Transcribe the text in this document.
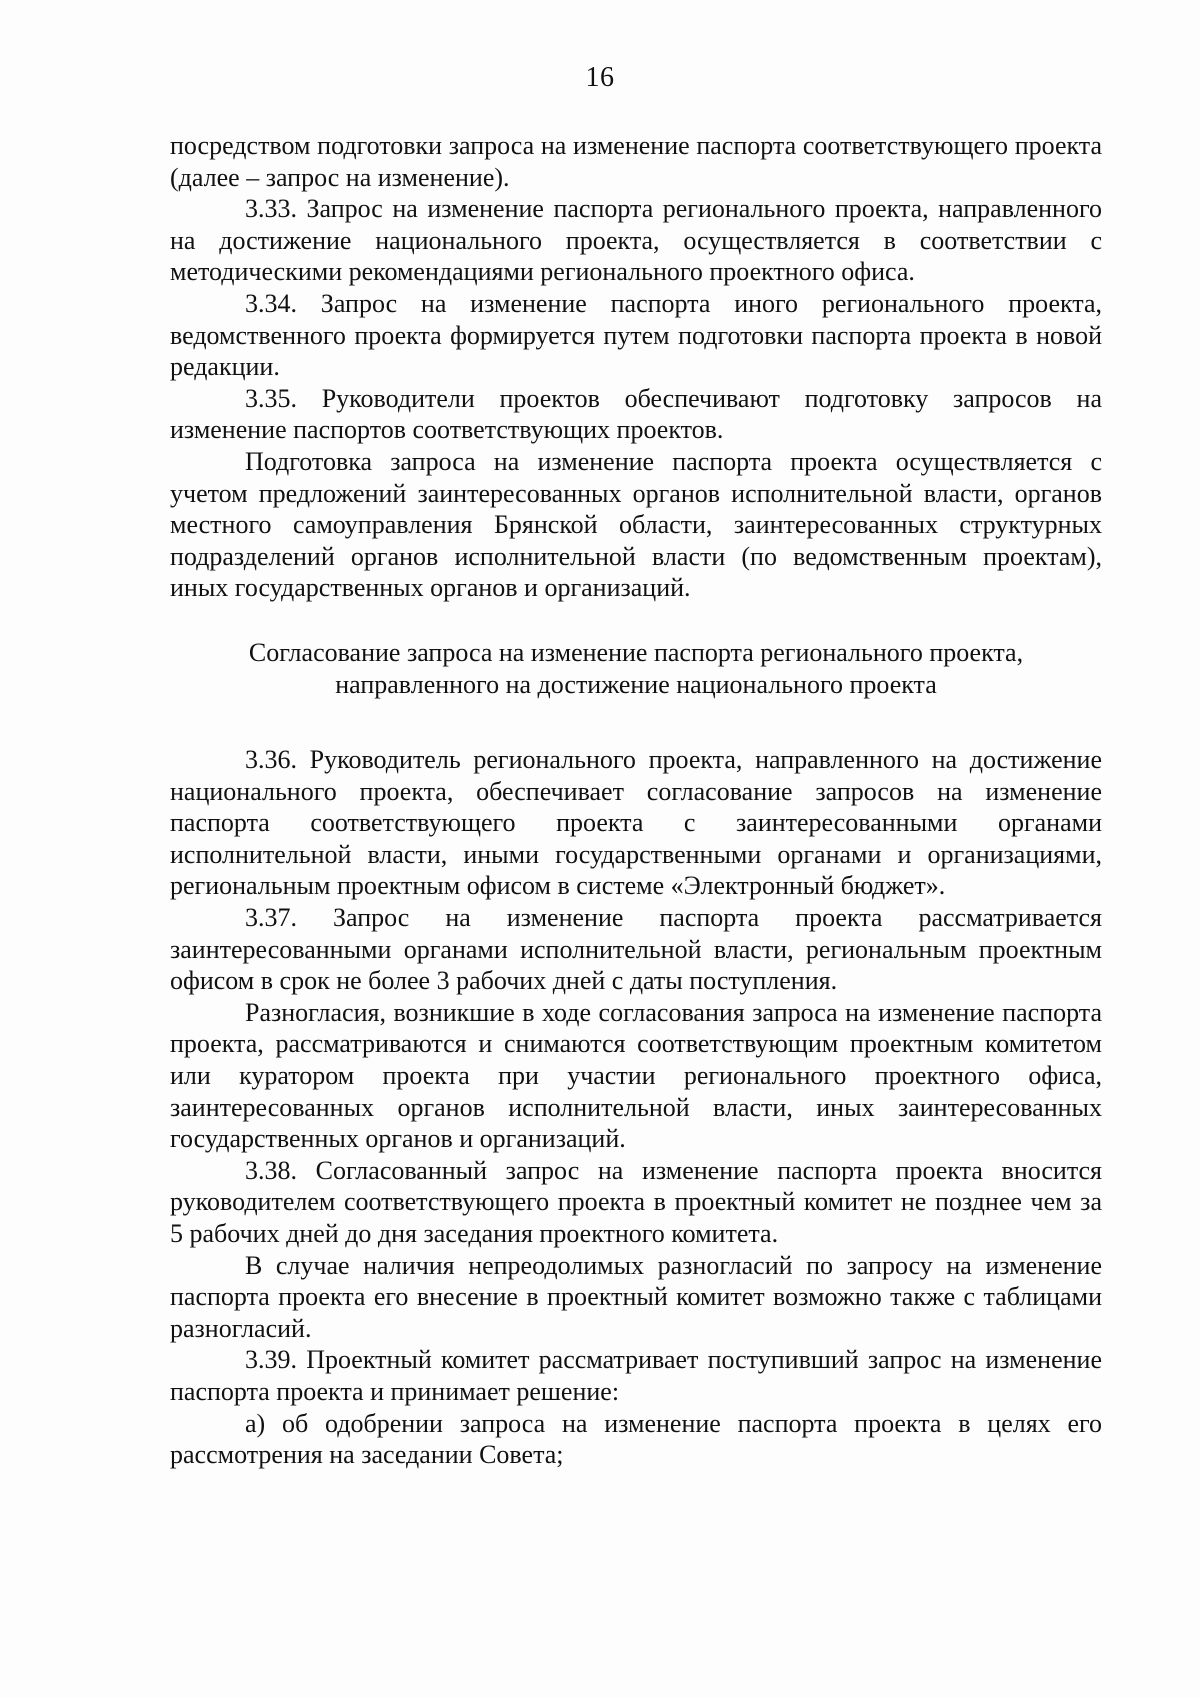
16

посредством подготовки запроса на изменение паспорта соответствующего проекта (далее – запрос на изменение).

3.33. Запрос на изменение паспорта регионального проекта, направленного на достижение национального проекта, осуществляется в соответствии с методическими рекомендациями регионального проектного офиса.

3.34. Запрос на изменение паспорта иного регионального проекта, ведомственного проекта формируется путем подготовки паспорта проекта в новой редакции.

3.35. Руководители проектов обеспечивают подготовку запросов на изменение паспортов соответствующих проектов.

Подготовка запроса на изменение паспорта проекта осуществляется с учетом предложений заинтересованных органов исполнительной власти, органов местного самоуправления Брянской области, заинтересованных структурных подразделений органов исполнительной власти (по ведомственным проектам), иных государственных органов и организаций.

Согласование запроса на изменение паспорта регионального проекта,
направленного на достижение национального проекта

3.36. Руководитель регионального проекта, направленного на достижение национального проекта, обеспечивает согласование запросов на изменение паспорта соответствующего проекта с заинтересованными органами исполнительной власти, иными государственными органами и организациями, региональным проектным офисом в системе «Электронный бюджет».

3.37. Запрос на изменение паспорта проекта рассматривается заинтересованными органами исполнительной власти, региональным проектным офисом в срок не более 3 рабочих дней с даты поступления.

Разногласия, возникшие в ходе согласования запроса на изменение паспорта проекта, рассматриваются и снимаются соответствующим проектным комитетом или куратором проекта при участии регионального проектного офиса, заинтересованных органов исполнительной власти, иных заинтересованных государственных органов и организаций.

3.38. Согласованный запрос на изменение паспорта проекта вносится руководителем соответствующего проекта в проектный комитет не позднее чем за 5 рабочих дней до дня заседания проектного комитета.

В случае наличия непреодолимых разногласий по запросу на изменение паспорта проекта его внесение в проектный комитет возможно также с таблицами разногласий.

3.39. Проектный комитет рассматривает поступивший запрос на изменение паспорта проекта и принимает решение:

а) об одобрении запроса на изменение паспорта проекта в целях его рассмотрения на заседании Совета;
